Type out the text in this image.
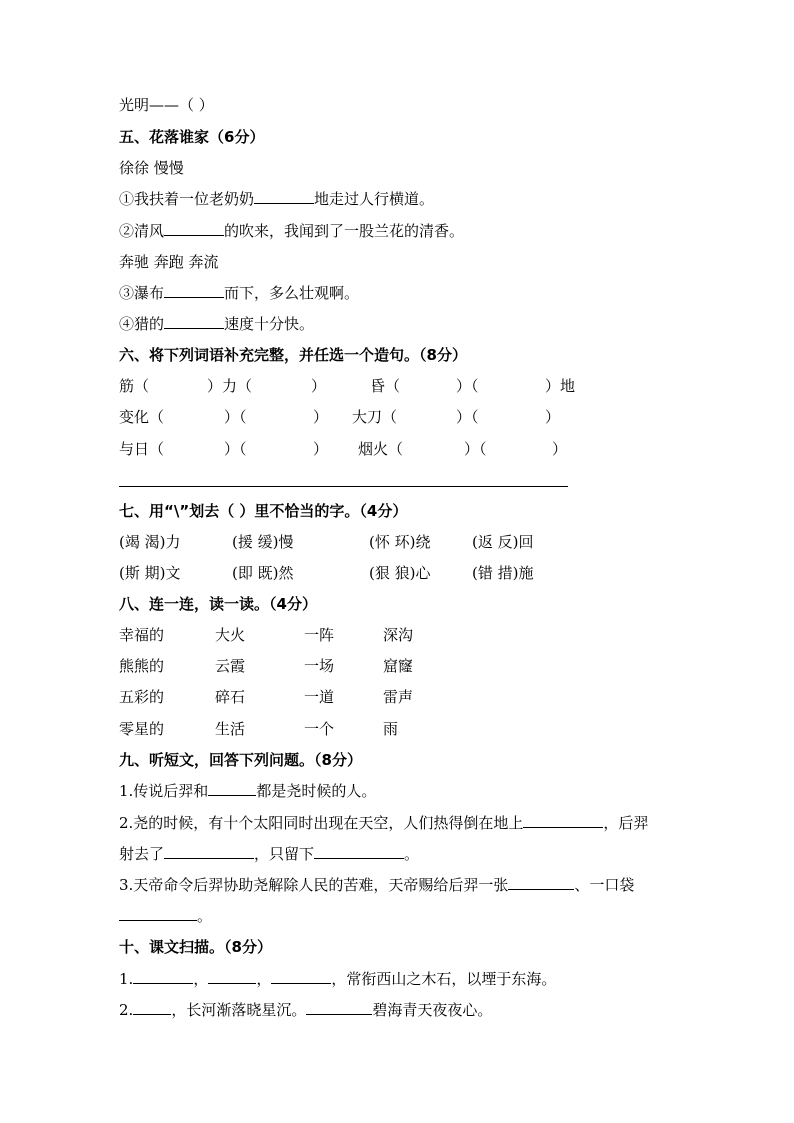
光明——（ ）
五、花落谁家（6分）
徐徐 慢慢
①我扶着一位老奶奶	地走过人行横道。
②清风	的吹来，我闻到了一股兰花的清香。
奔驰 奔跑 奔流
③瀑布	而下，多么壮观啊。
④猎的	速度十分快。
六、将下列词语补充完整，并任选一个造句。（8分）
筋（	）力（	）	昏（	）（	）地
变化（	）（	） 大刀（	）（	）
与日（	）（	） 烟火（	）（	）
七、用“\”划去（ ）里不恰当的字。（4分）
(竭 渴)力	(援 缓)慢	(怀 环)绕	(返 反)回
(斯 期)文	(即 既)然	(狠 狼)心	(错 措)施
八、连一连，读一读。（4分）
幸福的	大火	一阵	深沟
熊熊的	云霞	一场	窟窿
五彩的	碎石	一道	雷声
零星的	生活	一个	雨
九、听短文，回答下列问题。（8分）
1.传说后羿和	都是尧时候的人。
2.尧的时候，有十个太阳同时出现在天空，人们热得倒在地上	，后羿
射去了	，只留下	。
3.天帝命令后羿协助尧解除人民的苦难，天帝赐给后羿一张	、一口袋
。
十、课文扫描。（8分）
1.	，	，	，常衔西山之木石，以堙于东海。
2.	，长河渐落晓星沉。	碧海青天夜夜心。
